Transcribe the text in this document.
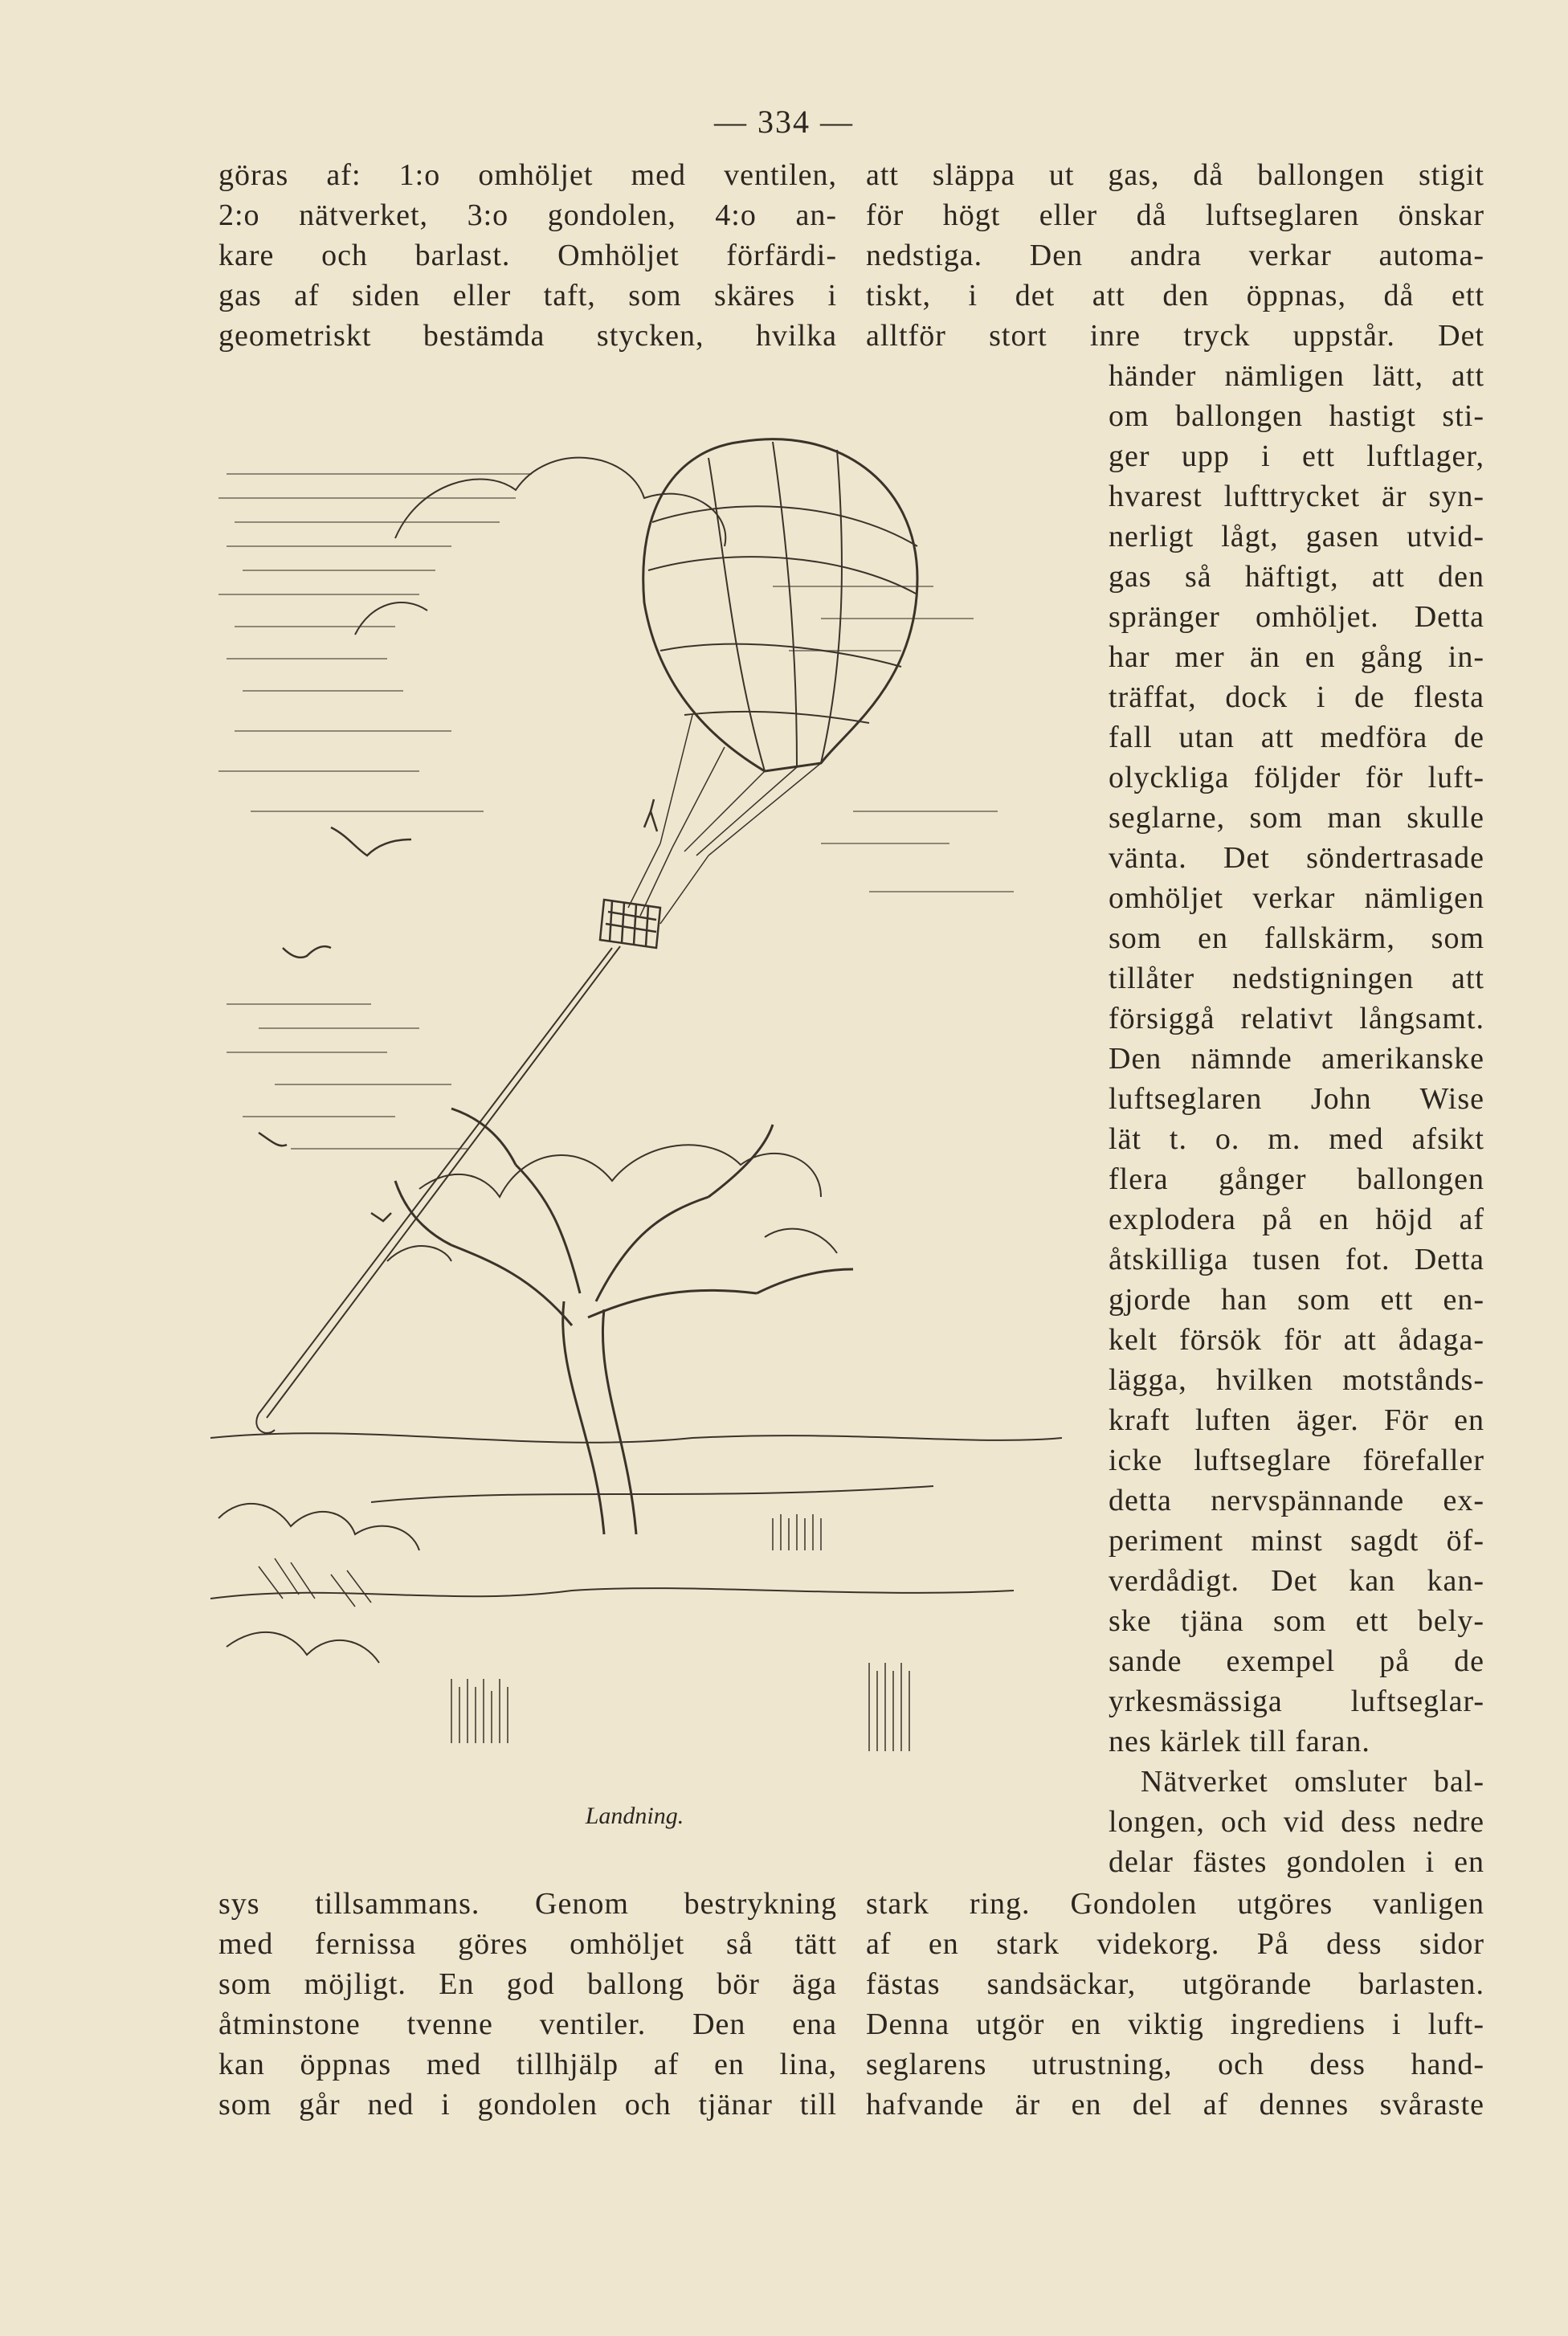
— 334 —
göras af: 1:o omhöljet med ventilen,
2:o nätverket, 3:o gondolen, 4:o an-
kare och barlast. Omhöljet förfärdi-
gas af siden eller taft, som skäres i
geometriskt bestämda stycken, hvilka
att släppa ut gas, då ballongen stigit
för högt eller då luftseglaren önskar
nedstiga. Den andra verkar automa-
tiskt, i det att den öppnas, då ett
alltför stort inre tryck uppstår. Det
händer nämligen lätt, att
om ballongen hastigt sti-
ger upp i ett luftlager,
hvarest lufttrycket är syn-
nerligt lågt, gasen utvid-
gas så häftigt, att den
spränger omhöljet. Detta
har mer än en gång in-
träffat, dock i de flesta
fall utan att medföra de
olyckliga följder för luft-
seglarne, som man skulle
vänta. Det söndertrasade
omhöljet verkar nämligen
som en fallskärm, som
tillåter nedstigningen att
försiggå relativt långsamt.
Den nämnde amerikanske
luftseglaren John Wise
lät t. o. m. med afsikt
flera gånger ballongen
explodera på en höjd af
åtskilliga tusen fot. Detta
gjorde han som ett en-
kelt försök för att ådaga-
lägga, hvilken motstånds-
kraft luften äger. För en
icke luftseglare förefaller
detta nervspännande ex-
periment minst sagdt öf-
verdådigt. Det kan kan-
ske tjäna som ett bely-
sande exempel på de
yrkesmässiga luftseglar-
nes kärlek till faran.
Nätverket omsluter bal-
longen, och vid dess nedre
delar fästes gondolen i en
sys tillsammans. Genom bestrykning
med fernissa göres omhöljet så tätt
som möjligt. En god ballong bör äga
åtminstone tvenne ventiler. Den ena
kan öppnas med tillhjälp af en lina,
som går ned i gondolen och tjänar till
stark ring. Gondolen utgöres vanligen
af en stark videkorg. På dess sidor
fästas sandsäckar, utgörande barlasten.
Denna utgör en viktig ingrediens i luft-
seglarens utrustning, och dess hand-
hafvande är en del af dennes svåraste
Landning.
